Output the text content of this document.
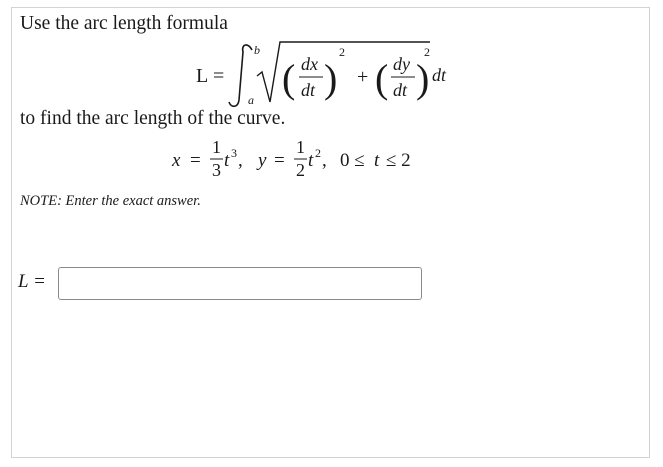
Use the arc length formula
L =
b
a ( dx
dt )
2
+ ( dy
dt )
2
dt
x =
1
3 t 3 , y =
1
2 t 2 , 0 ≤ t ≤ 2
to find the arc length of the curve.
NOTE: Enter the exact answer.
L =
